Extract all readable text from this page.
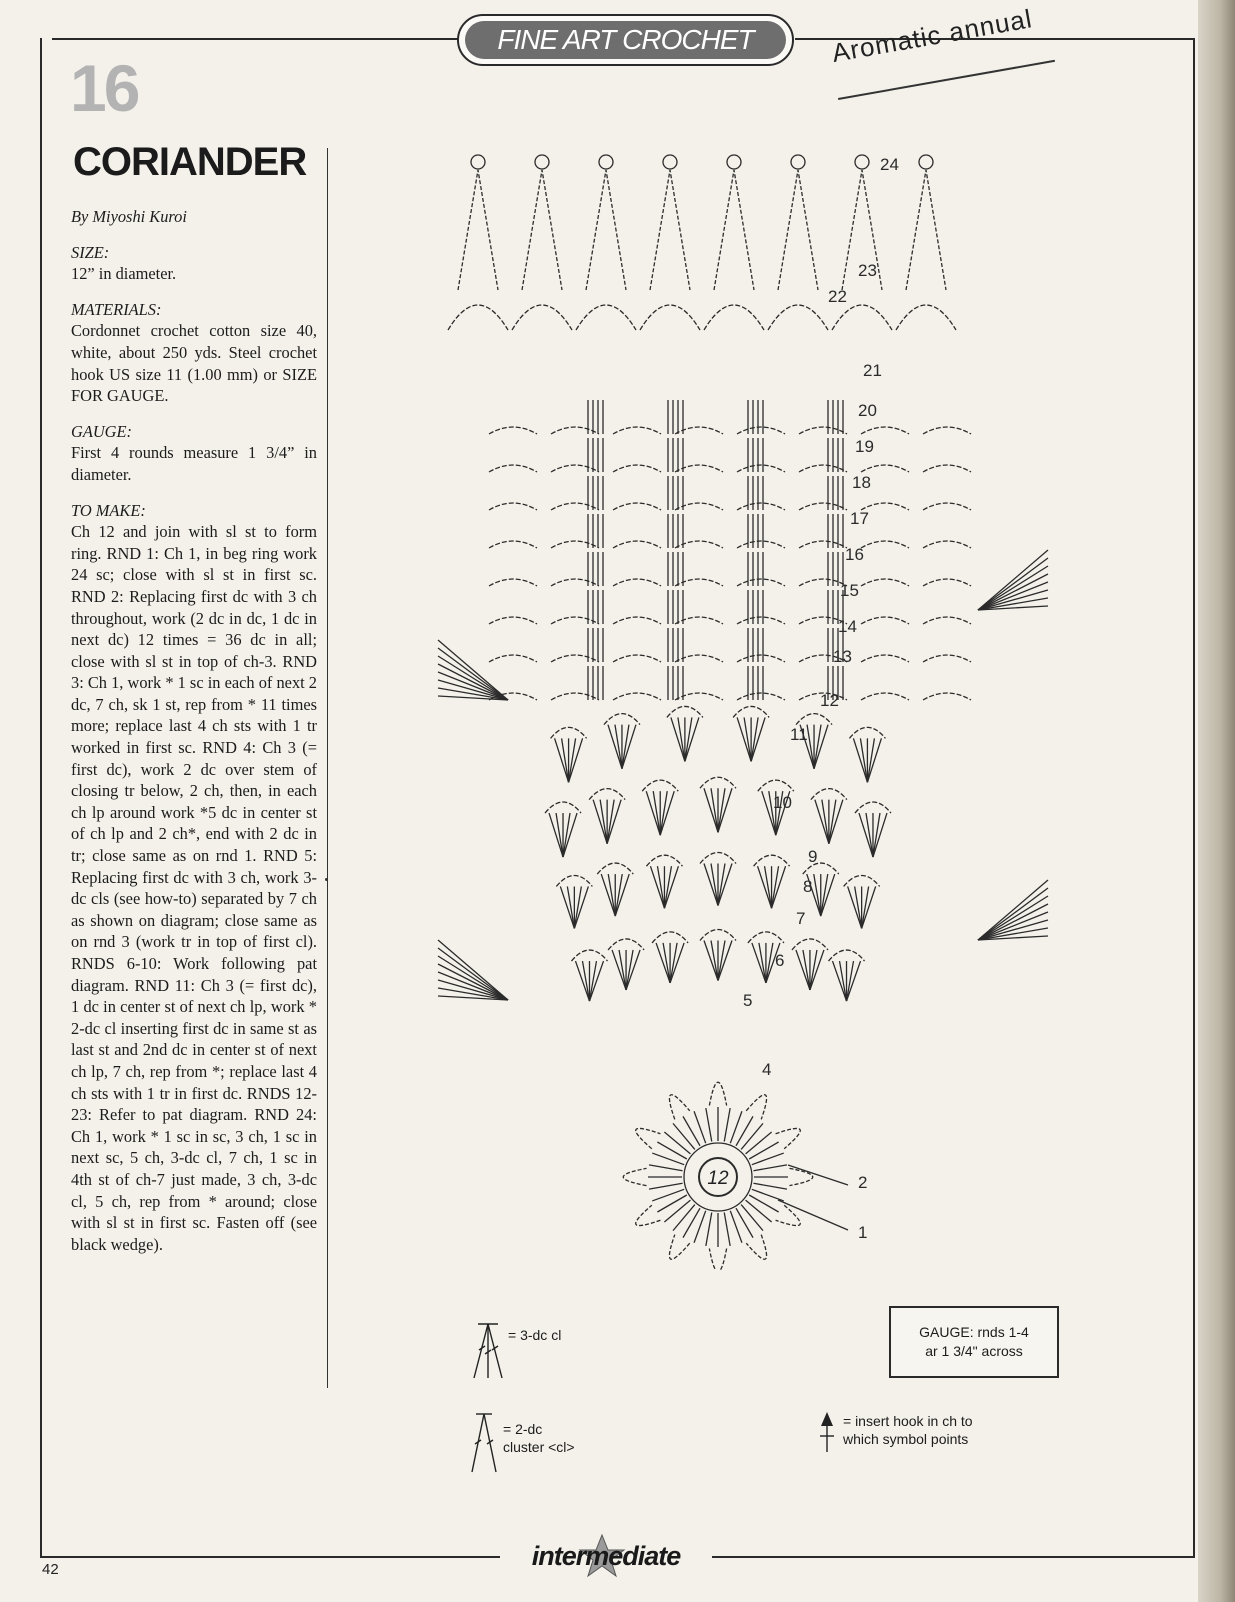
FINE ART CROCHET	Aromatic annual
16
CORIANDER
By Miyoshi Kuroi
SIZE:
12” in diameter.
MATERIALS:
Cordonnet crochet cotton size 40, white, about 250 yds. Steel crochet hook US size 11 (1.00 mm) or SIZE FOR GAUGE.
GAUGE:
First 4 rounds measure 1 3/4” in diameter.
TO MAKE:
Ch 12 and join with sl st to form ring. RND 1: Ch 1, in beg ring work 24 sc; close with sl st in first sc. RND 2: Replacing first dc with 3 ch throughout, work (2 dc in dc, 1 dc in next dc) 12 times = 36 dc in all; close with sl st in top of ch-3. RND 3: Ch 1, work * 1 sc in each of next 2 dc, 7 ch, sk 1 st, rep from * 11 times more; replace last 4 ch sts with 1 tr worked in first sc. RND 4: Ch 3 (= first dc), work 2 dc over stem of closing tr below, 2 ch, then, in each ch lp around work *5 dc in center st of ch lp and 2 ch*, end with 2 dc in tr; close same as on rnd 1. RND 5: Replacing first dc with 3 ch, work 3-dc cls (see how-to) separated by 7 ch as shown on diagram; close same as on rnd 3 (work tr in top of first cl). RNDS 6-10: Work following pat diagram. RND 11: Ch 3 (= first dc), 1 dc in center st of next ch lp, work * 2-dc cl inserting first dc in same st as last st and 2nd dc in center st of next ch lp, 7 ch, rep from *; replace last 4 ch sts with 1 tr in first dc. RNDS 12-23: Refer to pat diagram. RND 24: Ch 1, work * 1 sc in sc, 3 ch, 1 sc in next sc, 5 ch, 3-dc cl, 7 ch, 1 sc in 4th st of ch-7 just made, 3 ch, 3-dc cl, 5 ch, rep from * around; close with sl st in first sc. Fasten off (see black wedge).
1
2
4
5
6
7
8
9
10
11
12
13
14
15
16
17
18
19
20
21
22
23
24
12
GAUGE: rnds 1-4
ar 1 3/4" across
= 3-dc cl
= 2-dc
cluster <cl>
= insert hook in ch to
which symbol points
intermediate
42
